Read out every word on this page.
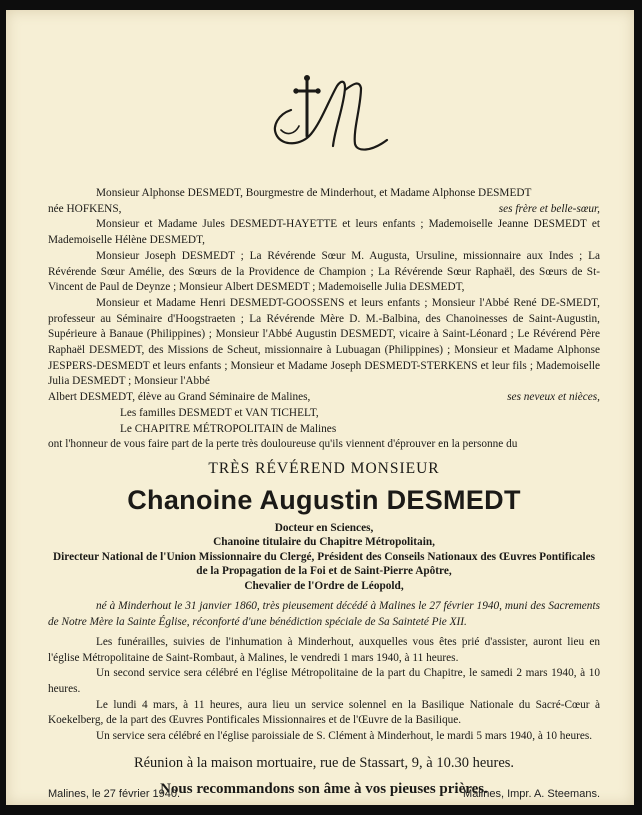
Monsieur Alphonse DESMEDT, Bourgmestre de Minderhout, et Madame Alphonse DESMEDT

née HOFKENS,	ses frère et belle-sœur,

Monsieur et Madame Jules DESMEDT-HAYETTE et leurs enfants ; Mademoiselle Jeanne DESMEDT et Mademoiselle Hélène DESMEDT,

Monsieur Joseph DESMEDT ; La Révérende Sœur M. Augusta, Ursuline, missionnaire aux Indes ; La Révérende Sœur Amélie, des Sœurs de la Providence de Champion ; La Révérende Sœur Raphaël, des Sœurs de St-Vincent de Paul de Deynze ; Monsieur Albert DESMEDT ; Mademoiselle Julia DESMEDT,

Monsieur et Madame Henri DESMEDT-GOOSSENS et leurs enfants ; Monsieur l'Abbé René DE-SMEDT, professeur au Séminaire d'Hoogstraeten ; La Révérende Mère D. M.-Balbina, des Chanoinesses de Saint-Augustin, Supérieure à Banaue (Philippines) ; Monsieur l'Abbé Augustin DESMEDT, vicaire à Saint-Léonard ; Le Révérend Père Raphaël DESMEDT, des Missions de Scheut, missionnaire à Lubuagan (Philippines) ; Monsieur et Madame Alphonse JESPERS-DESMEDT et leurs enfants ; Monsieur et Madame Joseph DESMEDT-STERKENS et leur fils ; Mademoiselle Julia DESMEDT ; Monsieur l'Abbé

Albert DESMEDT, élève au Grand Séminaire de Malines,	ses neveux et nièces,

Les familles DESMEDT et VAN TICHELT,

Le CHAPITRE MÉTROPOLITAIN de Malines

ont l'honneur de vous faire part de la perte très douloureuse qu'ils viennent d'éprouver en la personne du

TRÈS RÉVÉREND MONSIEUR
Chanoine Augustin DESMEDT
Docteur en Sciences,
Chanoine titulaire du Chapitre Métropolitain,
Directeur National de l'Union Missionnaire du Clergé, Président des Conseils Nationaux des Œuvres Pontificales de la Propagation de la Foi et de Saint-Pierre Apôtre,
Chevalier de l'Ordre de Léopold,

né à Minderhout le 31 janvier 1860, très pieusement décédé à Malines le 27 février 1940, muni des Sacrements de Notre Mère la Sainte Église, réconforté d'une bénédiction spéciale de Sa Sainteté Pie XII.

Les funérailles, suivies de l'inhumation à Minderhout, auxquelles vous êtes prié d'assister, auront lieu en l'église Métropolitaine de Saint-Rombaut, à Malines, le vendredi 1 mars 1940, à 11 heures.

Un second service sera célébré en l'église Métropolitaine de la part du Chapitre, le samedi 2 mars 1940, à 10 heures.

Le lundi 4 mars, à 11 heures, aura lieu un service solennel en la Basilique Nationale du Sacré-Cœur à Koekelberg, de la part des Œuvres Pontificales Missionnaires et de l'Œuvre de la Basilique.

Un service sera célébré en l'église paroissiale de S. Clément à Minderhout, le mardi 5 mars 1940, à 10 heures.

Réunion à la maison mortuaire, rue de Stassart, 9, à 10.30 heures.
Nous recommandons son âme à vos pieuses prières.
Malines, le 27 février 1940.	Malines, Impr. A. Steemans.
